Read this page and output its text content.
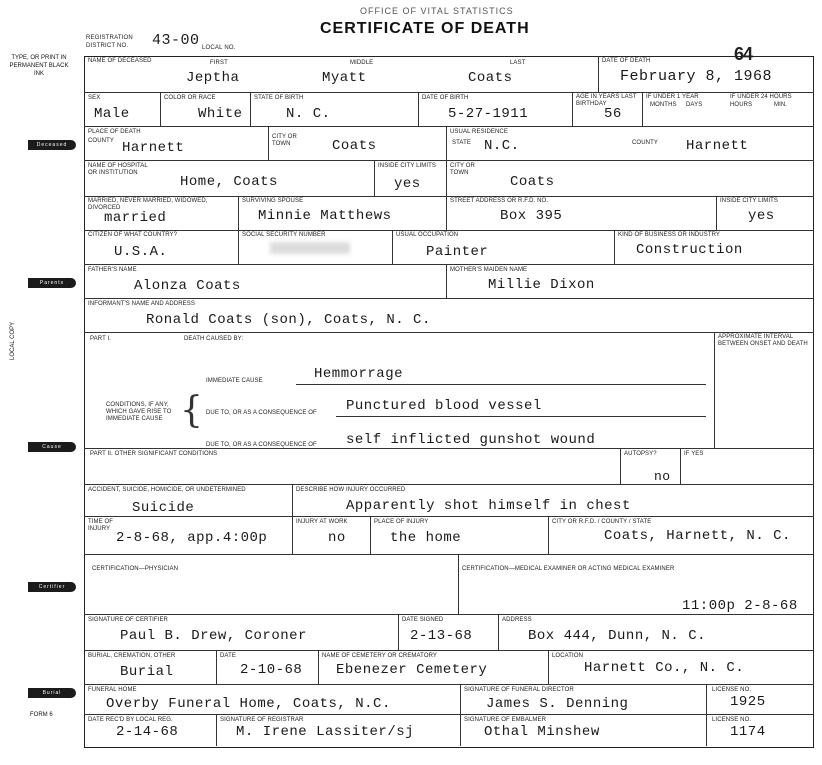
OFFICE OF VITAL STATISTICS
CERTIFICATE OF DEATH
REGISTRATION DISTRICT NO. 43-00 LOCAL NO.	64
TYPE, OR PRINT IN PERMANENT BLACK INK
Deceased
Parents
Cause
Certifier
Burial
LOCAL COPY
FORM 6
NAME OF DECEASED	FIRST	MIDDLE	LAST
Jeptha	Myatt	Coats
DATE OF DEATH
February 8, 1968
SEX
Male
COLOR OR RACE
White
STATE OF BIRTH
N. C.
DATE OF BIRTH
5-27-1911
AGE IN YEARS LAST BIRTHDAY
56
IF UNDER 1 YEAR
MONTHS DAYS
IF UNDER 24 HOURS
HOURS	MIN.
PLACE OF DEATH
COUNTY Harnett
CITY OR TOWN	Coats
USUAL RESIDENCE
STATE N.C.	COUNTY Harnett
NAME OF HOSPITAL OR INSTITUTION
Home, Coats
INSIDE CITY LIMITS
yes
CITY OR TOWN
Coats
MARRIED, NEVER MARRIED, WIDOWED, DIVORCED
married
SURVIVING SPOUSE
Minnie Matthews
STREET ADDRESS OR R.F.D. NO.
Box 395
INSIDE CITY LIMITS
yes
CITIZEN OF WHAT COUNTRY?
U.S.A.
SOCIAL SECURITY NUMBER	USUAL OCCUPATION
Painter
KIND OF BUSINESS OR INDUSTRY
Construction
FATHER'S NAME
Alonza Coats
MOTHER'S MAIDEN NAME
Millie Dixon
INFORMANT'S NAME AND ADDRESS
Ronald Coats (son), Coats, N. C.
PART I.	DEATH CAUSED BY:	APPROXIMATE INTERVAL BETWEEN ONSET AND DEATH
IMMEDIATE CAUSE	Hemmorrage
CONDITIONS, IF ANY, WHICH GAVE RISE TO IMMEDIATE CAUSE { DUE TO, OR AS A CONSEQUENCE OF Punctured blood vessel
DUE TO, OR AS A CONSEQUENCE OF self inflicted gunshot wound
PART II. OTHER SIGNIFICANT CONDITIONS	AUTOPSY?
no
IF YES
ACCIDENT, SUICIDE, HOMICIDE, OR UNDETERMINED
Suicide
DESCRIBE HOW INJURY OCCURRED
Apparently shot himself in chest
TIME OF INJURY
2-8-68, app.4:00p
INJURY AT WORK
no
PLACE OF INJURY
the home
CITY OR R.F.D. / COUNTY / STATE
Coats, Harnett, N. C.
CERTIFICATION—PHYSICIAN	CERTIFICATION—MEDICAL EXAMINER OR ACTING MEDICAL EXAMINER
11:00p 2-8-68
SIGNATURE OF CERTIFIER
Paul B. Drew, Coroner
DATE SIGNED
2-13-68
ADDRESS
Box 444, Dunn, N. C.
BURIAL, CREMATION, OTHER
Burial
DATE
2-10-68
NAME OF CEMETERY OR CREMATORY
Ebenezer Cemetery
LOCATION
Harnett Co., N. C.
FUNERAL HOME
Overby Funeral Home, Coats, N.C.
SIGNATURE OF FUNERAL DIRECTOR
James S. Denning
LICENSE NO.
1925
DATE REC'D BY LOCAL REG.
2-14-68
SIGNATURE OF REGISTRAR
M. Irene Lassiter/sj
SIGNATURE OF EMBALMER
Othal Minshew
LICENSE NO.
1174
